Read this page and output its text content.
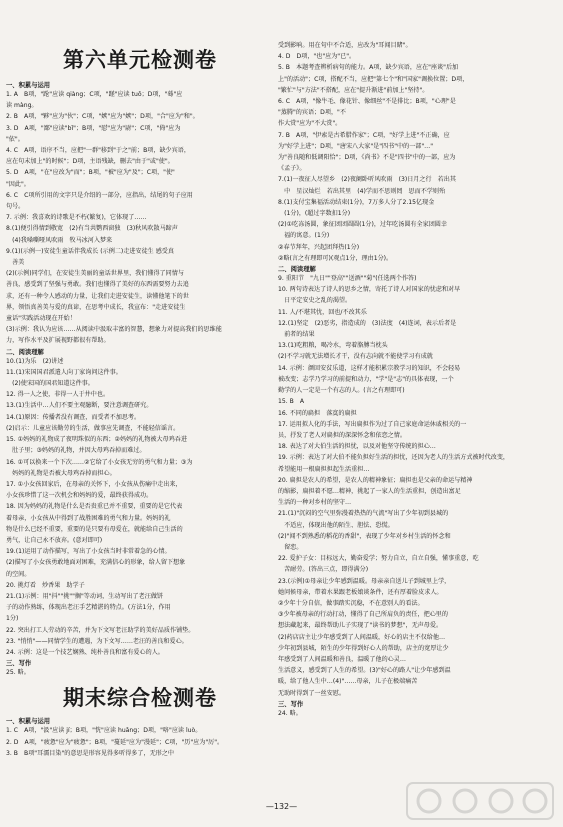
第六单元检测卷

一、积累与运用

1. A　B项，"跄"应读 qiàng；C项，"蹉"应读 tuō；D项，"蓦"应

读 màng。

2. B　A项，"夥"应为"伙"；C项，"嫉"应为"嫉"；D项，"合"应为"和"。

3. D　A项，"鄙"应读"bǐ"；B项，"慰"应为"尉"；C项，"倚"应为

"依"。

4. C　A项，语序不当，应把"一群"移到"于之"前；B项，缺少宾语，

应在句末加上"的时候"；D项，主语残缺，删去"由于"或"使"。

5. D　A项，"在"应改为"而"；B项，"被"应为"及"；C项，"使"

"因此"。

6. C　C项所引用的文字只是介绍的一部分，应指出，结尾的句子应用

句号。

7. 示例：我喜欢的诗歌是不朽(繁复)，它体现了……

8.(1)便引得情到敬宽　(2)有当共鹦西窗独　(3)秋风吹散马蹄声

　(4)我嗓嘶哑风吹雨　牧马冰河入梦来

9.(1)(示例一)安徒生童话伴我成长 (示例二)走进安徒生 感受真

　善美

(2)(示例)同学们，在安徒生美丽的童话世界里，我们懂得了同情与

善良，感受到了坚强与勇敢。我们也懂得了美好的东西需要努力去追

求，还有一种令人感动的力量，让我们走进安徒生，读懂他笔下的世

界，领悟真善美与爱的真谛，在思考中成长，我宣布："走进安徒生

童话"实践活动现在开始！

(3)示例：我认为应该……从阅读中汲取丰富的智慧，想象力对提高我们的思维能

力，写作水平及扩展视野都很有帮助。

二、阅读理解

10.(1)为乐　(2)讲述

11.(1)宋国国君派遣人向丁家询问这件事。

　(2)使宋国的国君知道这件事。

12. 得一人之使，非得一人于井中也。

13.(1)生活中…人们不要主观臆断，要注意调查研究。

14.(1)原因：传播者没有调查，而受者不加思考。

(2)启示：儿童应该勤劳的生活，做事应先调查，不能轻信谣言。

15. ①妈妈的礼物成了夜明珠似的东西；②妈妈的礼物被大母鸡吞进

　肚子里；③妈妈的礼物，并因大母鸡吞掉而难过。

16. ①可以换来一个下次……②它给了小女孩无穷的勇气和力量；③为

　妈妈的礼物是否被大母鸡吞掉而担心。

17. ①小女孩回家后，在母亲的关怀下，小女孩从伤痛中走出来，

小女孩珍惜了这一次机会和妈妈的爱，最终获得成功。

18. 因为妈妈的礼物是什么是否贵重已并不重要，重要的是它代表

着母亲，小女孩从中得到了战胜困难的勇气和力量。妈妈的礼

物是什么已经不重要，重要的是只要有母爱在，就能给自己生活的

勇气，让自己永不放弃。(意对即可)

19.(1)运用了动作描写，写出了小女孩当时非常着急的心情。

(2)描写了小女孩勇敢地面对困难，充满信心的形象，给人留下想象

的空间。

20. 挑灯看　炒香果　助学子

21.(1)示例：用"抖""挑""搁"等动词，生动写出了老汪做饼

子的动作熟练，体现出老汪手艺精湛的特点。(方法1分，作用

1分)

22. 突出打工人劳动的辛苦，并为下文写老汪助学的美好品质作铺垫。

23. "悄悄"——同情学生的遭遇，为下文写……老汪的善良和爱心。

24. 示例：这是一个技艺娴熟、纯朴善良和富有爱心的人。

三、写作

25. 略。

期末综合检测卷

一、积累与运用

1. C　A项，"汲"应读 jí；B项，"恍"应读 huǎng；D项，"咯"应读 luò。

2. D　A项，"疲惫"应为"疲惫"；B项，"蔓延"应为"漫延"；C项，"历"应为"厉"。

3. B　B项"耳濡目染"的意思是形容见得多听得多了，无形之中

受到影响。用在句中不合适，应改为"耳闻目睹"。

4. D　D项，"也"应为"已"。

5. B　本题考查辨析病句的能力。A项，缺少宾语，应在"座谈"后加

上"的活动"；C项，搭配不当，应把"第七个"和"国家"调换位置；D项，

"繁忙"与"方法"不搭配，应在"提升渐进"前加上"坚持"。

6. C　A项，"像牛毛、像花针、像细丝"不是排比；B项，"心理"是

"蒸腾"的宾语；D项，"不

作大赏"应为"不大赏"。

7. B　A项，"伊索是古希腊作家"；C项，"好学上进"不正确，应

为"好学上进"；D项，"唐宋八大家"是"四书"中的一部"…"

为"善良随和低调阳恰"；D项，《尚书》不是"四书"中的一部，应为

《孟子》。

7.(1)一夜征人尽望乡　(2)夜阑卧听风吹雨　(3)日月之行　若出其

　中　星汉灿烂　若出其里　(4)学而不思则罔　思而不学则殆

8.(1)支付宝集福活动结束(1分)，7万多人分了2.15亿现金

　(1分)，(超过字数扣1分)

(2)①吃冻汤圆，象征团团圆圆(1分)，过年吃汤圆有全家团圆幸

　福的寓意。(1分)

②春节拜年，兴起团拜热(1分)

②略(言之有理即可)(观点1分，理由1分)。

二、阅读理解

9. 重阳节　"九日""登高""送酒""菊"(任选两个作答)

10. 两句诗表达了诗人的思乡之情，寄托了诗人对国家的忧虑和对早

　日平定安史之乱的渴望。

11. 人/不堪其忧，回也/不改其乐

12.(1)坚定　(2)恶劣，指造成的　(3)法度　(4)连词，表示后者是

　前者的结果

13.(1)吃粗粮，喝冷水，弯着胳膊当枕头

(2)不学习就无法增长才干，没有志向就不能使学习有成就

14. 示例：颜回安贫乐道，这样才能积累宗教学习的知识，不会轻易

被改变；志学乃学习的前提和动力，"学"是"志"的具体表现，一个

勤学的人一定是一个有志的人。(言之有理即可)

15. B　A

16. 不同的扁担　落寞的扁担

17. 运用拟人化的手法，写出扁担作为过了自己家庭命运休戚相关的一

员，抒发了老人对扁担的深深怀念和依恋之情。

18. 表达了对大伯生活的担忧，以及对他坚守传统的担心…

19. 示例：表达了对大伯不能负担好生活的担忧，还因为老人的生活方式被时代改变，

希望能用一根扁担担起生活重担…

20. 扁担是农人的希望，是农人的精神象征；扁担也是父亲的命运与精神

的缩影，扁担着不愿…精神，挑起了一家人的生活重担，创造出富足

生活的一种对乡村的坚守…

21.(1)"沉闷的空气里弥漫着热热的气流"写出了少年初到县城的

　不适应，体现出他的陌生、胆怯、恐慌。

(2)"闻不到熟悉的稻花的香甜"，表现了少年对乡村生活的怀念和

　留恋。

22. 爱护子女：目标远大，勤奋爱学；努力自立，自立自强，懂事重意，吃

　苦耐劳。(答出三点，即得满分)

23.(示例)①母亲让少年感到温暖。母亲亲自送儿子到城里上学，

她问候母亲，带着水果跟老板娘谈条件，还有厚着脸皮求人。

②少年十分自信，做事踏实沉稳，不在意别人的看法。

③少年被母亲的行动打动，懂得了自己所肩负的责任，把心里的

想法藏起来，最终帮助儿子实现了"读书的梦想"，无声母爱。

(2)药店店主让少年感受到了人间温暖，好心的店主不仅给他…

少年初到县城，陌生的少年得到好心人的帮助，店主的宽厚让少

年感受到了人间温暖和善良，温暖了他的心灵…

生活意义，感受到了人生的希望。(3)"好心的路人"让少年感到温

暖，给了他人生中…(4)"……母亲，儿子在极端痛苦

无助时得到了一丝安慰。

三、写作

24. 略。

—132—
